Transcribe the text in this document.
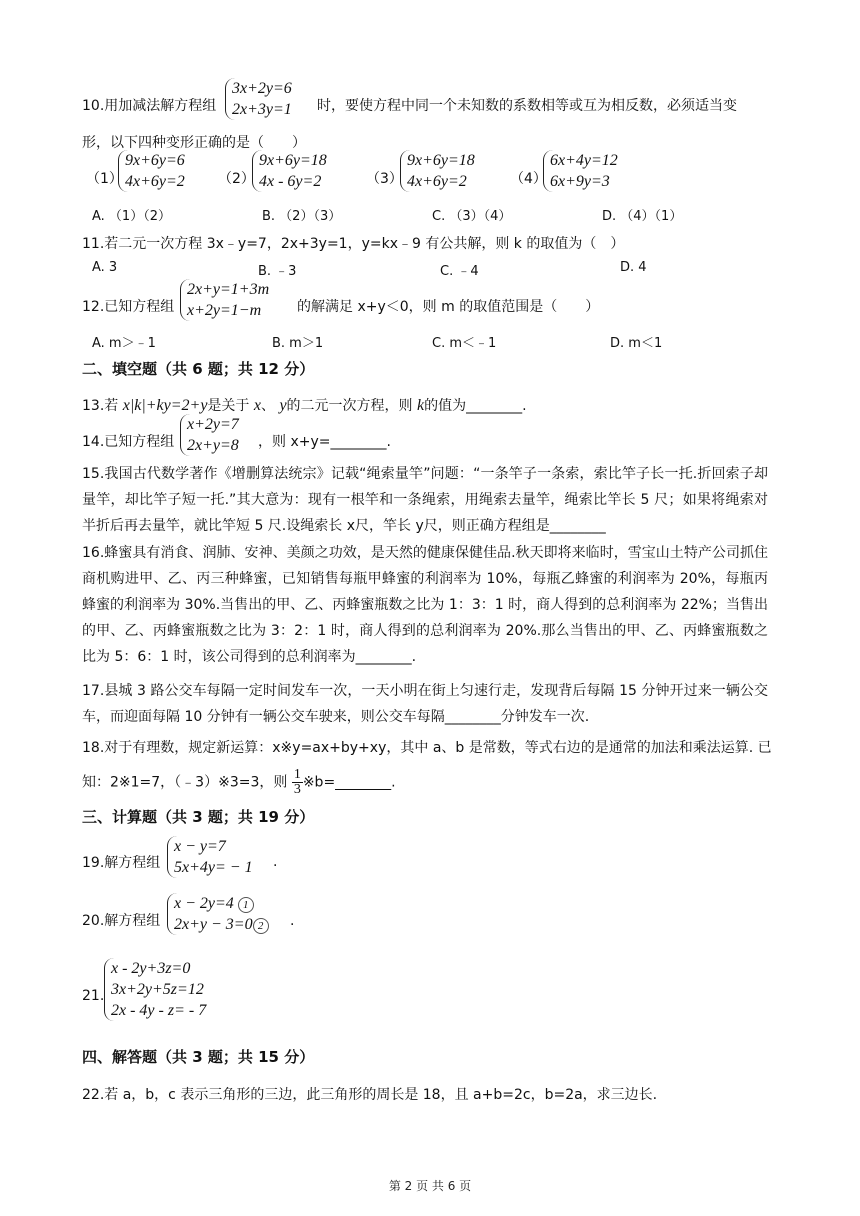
10.用加减法解方程组
3x+2y=6
2x+3y=1 时，要使方程中同一个未知数的系数相等或互为相反数，必须适当变
形，以下四种变形正确的是（　　）
（1）
9x+6y=6
4x+6y=2 （2）
9x+6y=18
4x - 6y=2	（3）
9x+6y=18
4x+6y=2	（4）
6x+4y=12
6x+9y=3
A. （1）（2）	B. （2）（3）	C. （3）（4）	D. （4）（1）
11.若二元一次方程 3x﹣y=7，2x+3y=1，y=kx﹣9 有公共解，则 k 的取值为（　）
A. 3	B. ﹣3	C. ﹣4	D. 4
12.已知方程组
2x+y=1+3m
x+2y=1−m	的解满足 x+y＜0，则 m 的取值范围是（　　）
A. m＞﹣1	B. m＞1	C. m＜﹣1	D. m＜1
二、填空题（共 6 题；共 12 分）
13.若 x|k|+ky=2+y是关于 x、 y的二元一次方程，则 k的值为________.
14.已知方程组
x+2y=7
2x+y=8 ，则 x+y=________.
15.我国古代数学著作《增删算法统宗》记载“绳索量竿”问题：“一条竿子一条索，索比竿子长一托.折回索子却量竿，却比竿子短一托.”其大意为：现有一根竿和一条绳索，用绳索去量竿，绳索比竿长 5 尺；如果将绳索对半折后再去量竿，就比竿短 5 尺.设绳索长 x尺，竿长 y尺，则正确方程组是________
16.蜂蜜具有消食、润肺、安神、美颜之功效，是天然的健康保健佳品.秋天即将来临时，雪宝山土特产公司抓住商机购进甲、乙、丙三种蜂蜜，已知销售每瓶甲蜂蜜的利润率为 10%，每瓶乙蜂蜜的利润率为 20%，每瓶丙蜂蜜的利润率为 30%.当售出的甲、乙、丙蜂蜜瓶数之比为 1：3：1 时，商人得到的总利润率为 22%；当售出的甲、乙、丙蜂蜜瓶数之比为 3：2：1 时，商人得到的总利润率为 20%.那么当售出的甲、乙、丙蜂蜜瓶数之比为 5：6：1 时，该公司得到的总利润率为________.
17.县城 3 路公交车每隔一定时间发车一次，一天小明在街上匀速行走，发现背后每隔 15 分钟开过来一辆公交车，而迎面每隔 10 分钟有一辆公交车驶来，则公交车每隔________分钟发车一次.
18.对于有理数，规定新运算：x※y=ax+by+xy，其中 a、b 是常数，等式右边的是通常的加法和乘法运算. 已
知：2※1=7，（﹣3）※3=3，则 $\frac{1}{3}$ ※b=________.
三、计算题（共 3 题；共 19 分）
19.解方程组
x − y=7
5x+4y= − 1 .
20.解方程组
x − 2y=4 1
2x+y − 3=0 2	.
21.
x - 2y+3z=0
3x+2y+5z=12
2x - 4y - z= - 7
四、解答题（共 3 题；共 15 分）
22.若 a，b，c 表示三角形的三边，此三角形的周长是 18，且 a+b=2c，b=2a，求三边长.
第 2 页 共 6 页
